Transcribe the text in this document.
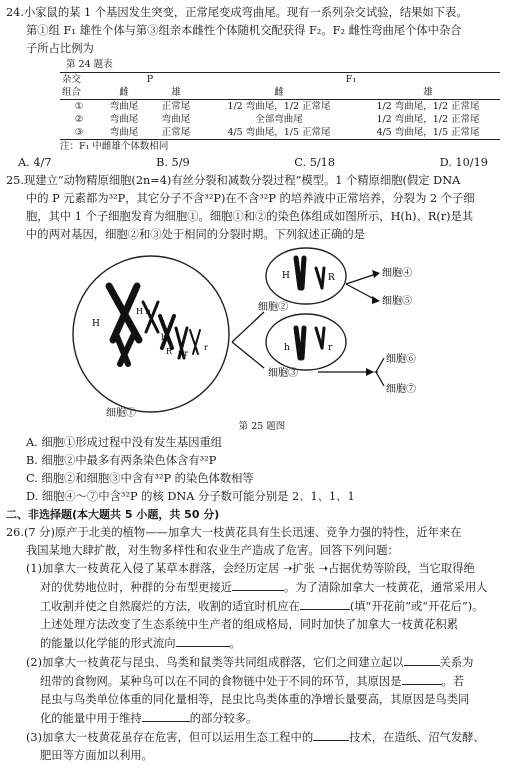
24.小家鼠的某 1 个基因发生突变，正常尾变成弯曲尾。现有一系列杂交试验，结果如下表。
第①组 F₁ 雄性个体与第③组亲本雌性个体随机交配获得 F₂。F₂ 雌性弯曲尾个体中杂合
子所占比例为
第 24 题表
杂交	P		F₁	
组合	雌	雄	雌	雄
①	弯曲尾	正常尾	1/2 弯曲尾，1/2 正常尾	1/2 弯曲尾，1/2 正常尾
②	弯曲尾	弯曲尾	全部弯曲尾	1/2 弯曲尾，1/2 正常尾
③	弯曲尾	正常尾	4/5 弯曲尾，1/5 正常尾	4/5 弯曲尾，1/5 正常尾
注：F₁ 中雌雄个体数相同
A. 4/7	B. 5/9	C. 5/18	D. 10/19
25.现建立“动物精原细胞(2n=4)有丝分裂和减数分裂过程”模型。1 个精原细胞(假定 DNA
中的 P 元素都为³²P，其它分子不含³²P)在不含³²P 的培养液中正常培养，分裂为 2 个子细
胞，其中 1 个子细胞发育为细胞①。细胞①和②的染色体组成如图所示，H(h)、R(r)是其
中的两对基因，细胞②和③处于相同的分裂时期。下列叙述正确的是
H
H h
h
R r r
r
细胞①
细胞②
细胞③
H	R
h	r
细胞④
细胞⑤
细胞⑥
细胞⑦
第 25 题图
A. 细胞①形成过程中没有发生基因重组
B. 细胞②中最多有两条染色体含有³²P
C. 细胞②和细胞③中含有³²P 的染色体数相等
D. 细胞④～⑦中含³²P 的核 DNA 分子数可能分别是 2、1、1、1
二、非选择题(本大题共 5 小题，共 50 分)
26.(7 分)原产于北美的植物——加拿大一枝黄花具有生长迅速、竞争力强的特性，近年来在
我国某地大肆扩散，对生物多样性和农业生产造成了危害。回答下列问题：
(1)加拿大一枝黄花入侵了某草本群落，会经历定居 ➝扩张 ➝占据优势等阶段，当它取得绝
对的优势地位时，种群的分布型更接近	。为了清除加拿大一枝黄花，通常采用人
工收割并使之自然腐烂的方法，收割的适宜时机应在	(填“开花前”或“开花后”)。
上述处理方法改变了生态系统中生产者的组成格局，同时加快了加拿大一枝黄花积累
的能量以化学能的形式流向	。
(2)加拿大一枝黄花与昆虫、鸟类和鼠类等共同组成群落，它们之间建立起以	关系为
纽带的食物网。某种鸟可以在不同的食物链中处于不同的环节，其原因是	。若
昆虫与鸟类单位体重的同化量相等，昆虫比鸟类体重的净增长量要高，其原因是鸟类同
化的能量中用于维持	的部分较多。
(3)加拿大一枝黄花虽存在危害，但可以运用生态工程中的	技术，在造纸、沼气发酵、
肥田等方面加以利用。
